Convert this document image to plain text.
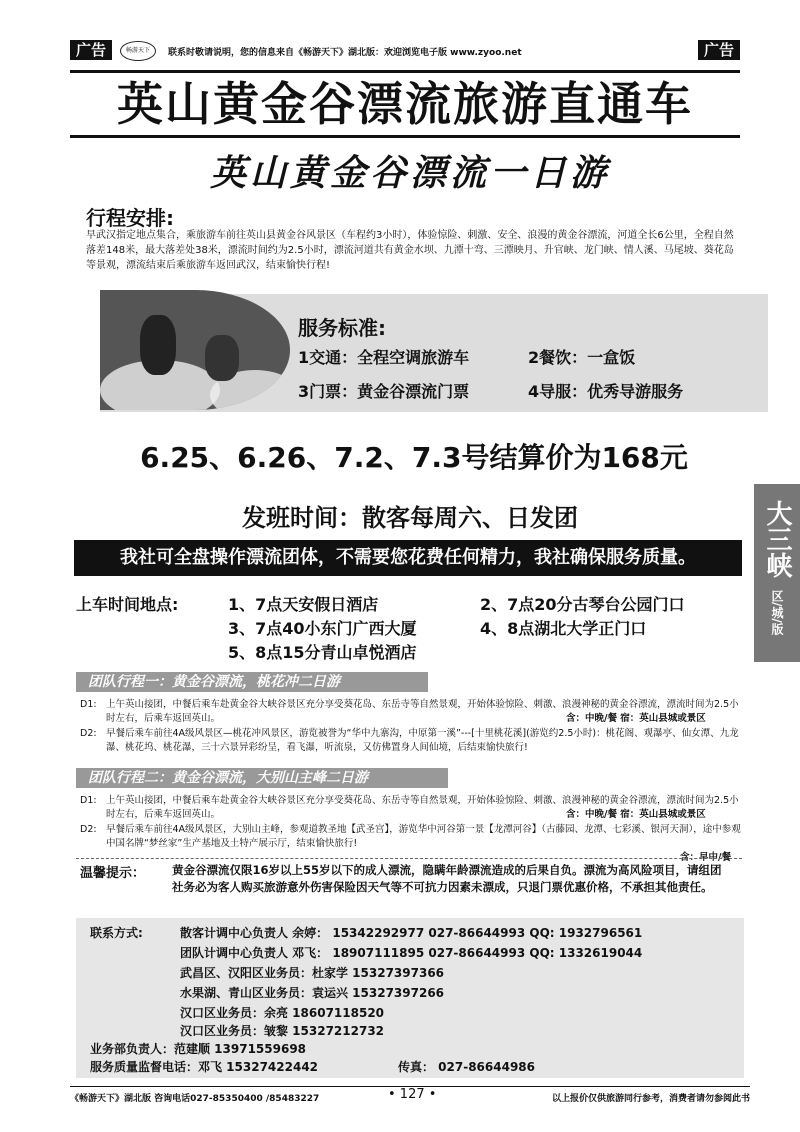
广告	畅游天下	联系时敬请说明，您的信息来自《畅游天下》湖北版：欢迎浏览电子版 www.zyoo.net	广告
英山黄金谷漂流旅游直通车
英山黄金谷漂流一日游
行程安排:
早武汉指定地点集合，乘旅游车前往英山县黄金谷风景区（车程约3小时），体验惊险、刺激、安全、浪漫的黄金谷漂流，河道全长6公里，全程自然落差148米，最大落差处38米，漂流时间约为2.5小时，漂流河道共有黄金水坝、九潭十弯、三潭映月、升官峡、龙门峡、情人溪、马尾坡、葵花岛等景观，漂流结束后乘旅游车返回武汉，结束愉快行程!
服务标准:
1交通：全程空调旅游车	2餐饮：一盒饭
3门票：黄金谷漂流门票	4导服：优秀导游服务
6.25、6.26、7.2、7.3号结算价为168元
发班时间：散客每周六、日发团
我社可全盘操作漂流团体，不需要您花费任何精力，我社确保服务质量。
上车时间地点:	1、7点天安假日酒店	2、7点20分古琴台公园门口
3、7点40小东门广西大厦	4、8点湖北大学正门口
5、8点15分青山卓悦酒店
团队行程一：黄金谷漂流，桃花冲二日游
D1: 上午英山接团，中餐后乘车赴黄金谷大峡谷景区充分享受葵花岛、东岳寺等自然景观，开始体验惊险、刺激、浪漫神秘的黄金谷漂流，漂流时间为2.5小时左右，后乘车返回英山。	含：中晚/餐 宿：英山县城或景区
D2: 早餐后乘车前往4A级风景区—桃花冲风景区，游览被誉为“华中九寨沟，中原第一溪”---[十里桃花溪](游览约2.5小时)：桃花阁、观瀑亭、仙女潭、九龙瀑、桃花坞、桃花瀑，三十六景异彩纷呈，看飞瀑，听流泉，又仿佛置身人间仙境，后结束愉快旅行!
团队行程二：黄金谷漂流，大别山主峰二日游
D1: 上午英山接团，中餐后乘车赴黄金谷大峡谷景区充分享受葵花岛、东岳寺等自然景观，开始体验惊险、刺激、浪漫神秘的黄金谷漂流，漂流时间为2.5小时左右，后乘车返回英山。	含：中晚/餐 宿：英山县城或景区
D2: 早餐后乘车前往4A级风景区，大别山主峰，参观道教圣地【武圣宫】，游览华中河谷第一景【龙潭河谷】（古藤园、龙潭、七彩溪、银河天洞），途中参观中国名牌“梦丝家”生产基地及土特产展示厅，结束愉快旅行!
含：早中/餐
温馨提示： 黄金谷漂流仅限16岁以上55岁以下的成人漂流，隐瞒年龄漂流造成的后果自负。漂流为高风险项目，请组团社务必为客人购买旅游意外伤害保险因天气等不可抗力因素未漂成，只退门票优惠价格，不承担其他责任。
联系方式:	散客计调中心负责人 余婷： 15342292977 027-86644993 QQ: 1932796561
团队计调中心负责人 邓飞： 18907111895 027-86644993 QQ: 1332619044
武昌区、汉阳区业务员：杜家学 15327397366
水果湖、青山区业务员：袁运兴 15327397266
汉口区业务员：余亮 18607118520
汉口区业务员：皱黎 15327212732
业务部负责人：范建顺 13971559698
服务质量监督电话：邓飞 15327422442	传真： 027-86644986
大三峡
区/城/版
《畅游天下》湖北版 咨询电话027-85350400 /85483227	• 127 •	以上报价仅供旅游同行参考，消费者请勿参阅此书
